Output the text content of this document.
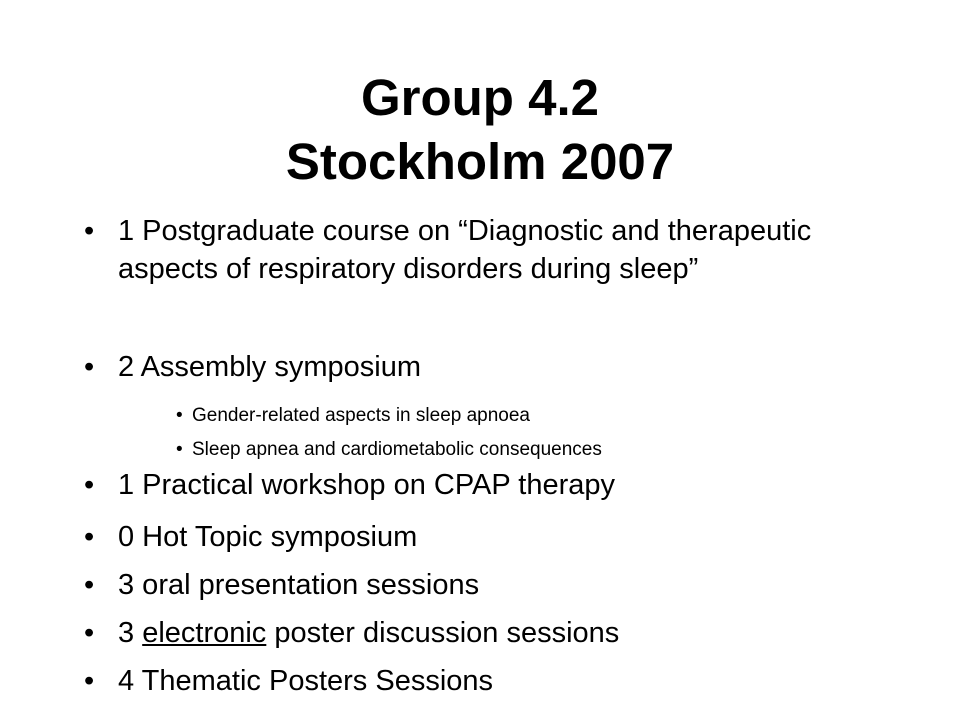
Group 4.2
Stockholm 2007
• 1 Postgraduate course on “Diagnostic and therapeutic aspects of respiratory disorders during sleep”
• 2 Assembly symposium
• Gender-related aspects in sleep apnoea
• Sleep apnea and cardiometabolic consequences
• 1 Practical workshop on CPAP therapy
• 0 Hot Topic symposium
• 3 oral presentation sessions
• 3 electronic poster discussion sessions
• 4 Thematic Posters Sessions
